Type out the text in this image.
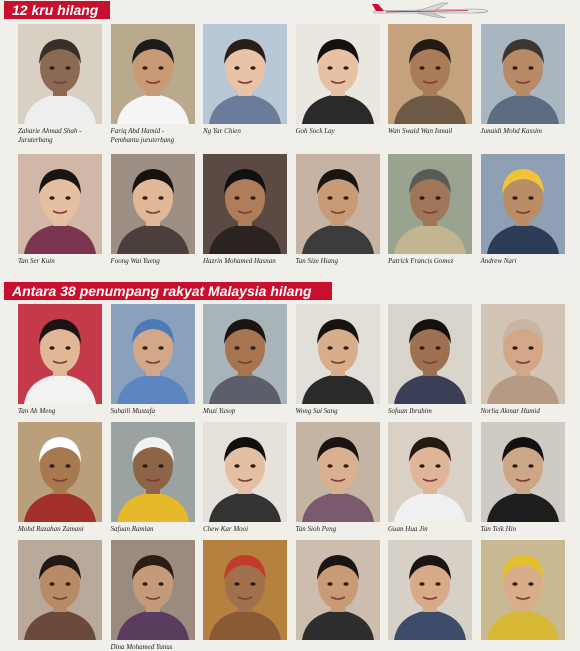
12 kru hilang
Antara 38 penumpang rakyat Malaysia hilang
Zaharie Ahmad Shah -
Juruterbang
Fariq Abd Hamid -
Pembantu juruterbang
Ng Yar Chien	Goh Sock Lay	Wan Swaid Wan Ismail	Junaidi Mohd Kassim
Tan Ser Kuin	Foong Wai Yueng	Hazrin Mohamed Hasnan	Tan Size Hiang	Patrick Francis Gomez	Andrew Nari
Tan Ah Meng	Suhaili Mustafa	Muzi Yusop	Wong Sai Sang	Sofuan Ibrahim	Norlia Akmar Hamid
Mohd Razahan Zamani	Safuan Ramlan	Chew Kar Mooi	Tan Sioh Peng	Guan Hua Jin	Tan Teik Hin
Dina Mohamed Yunus
